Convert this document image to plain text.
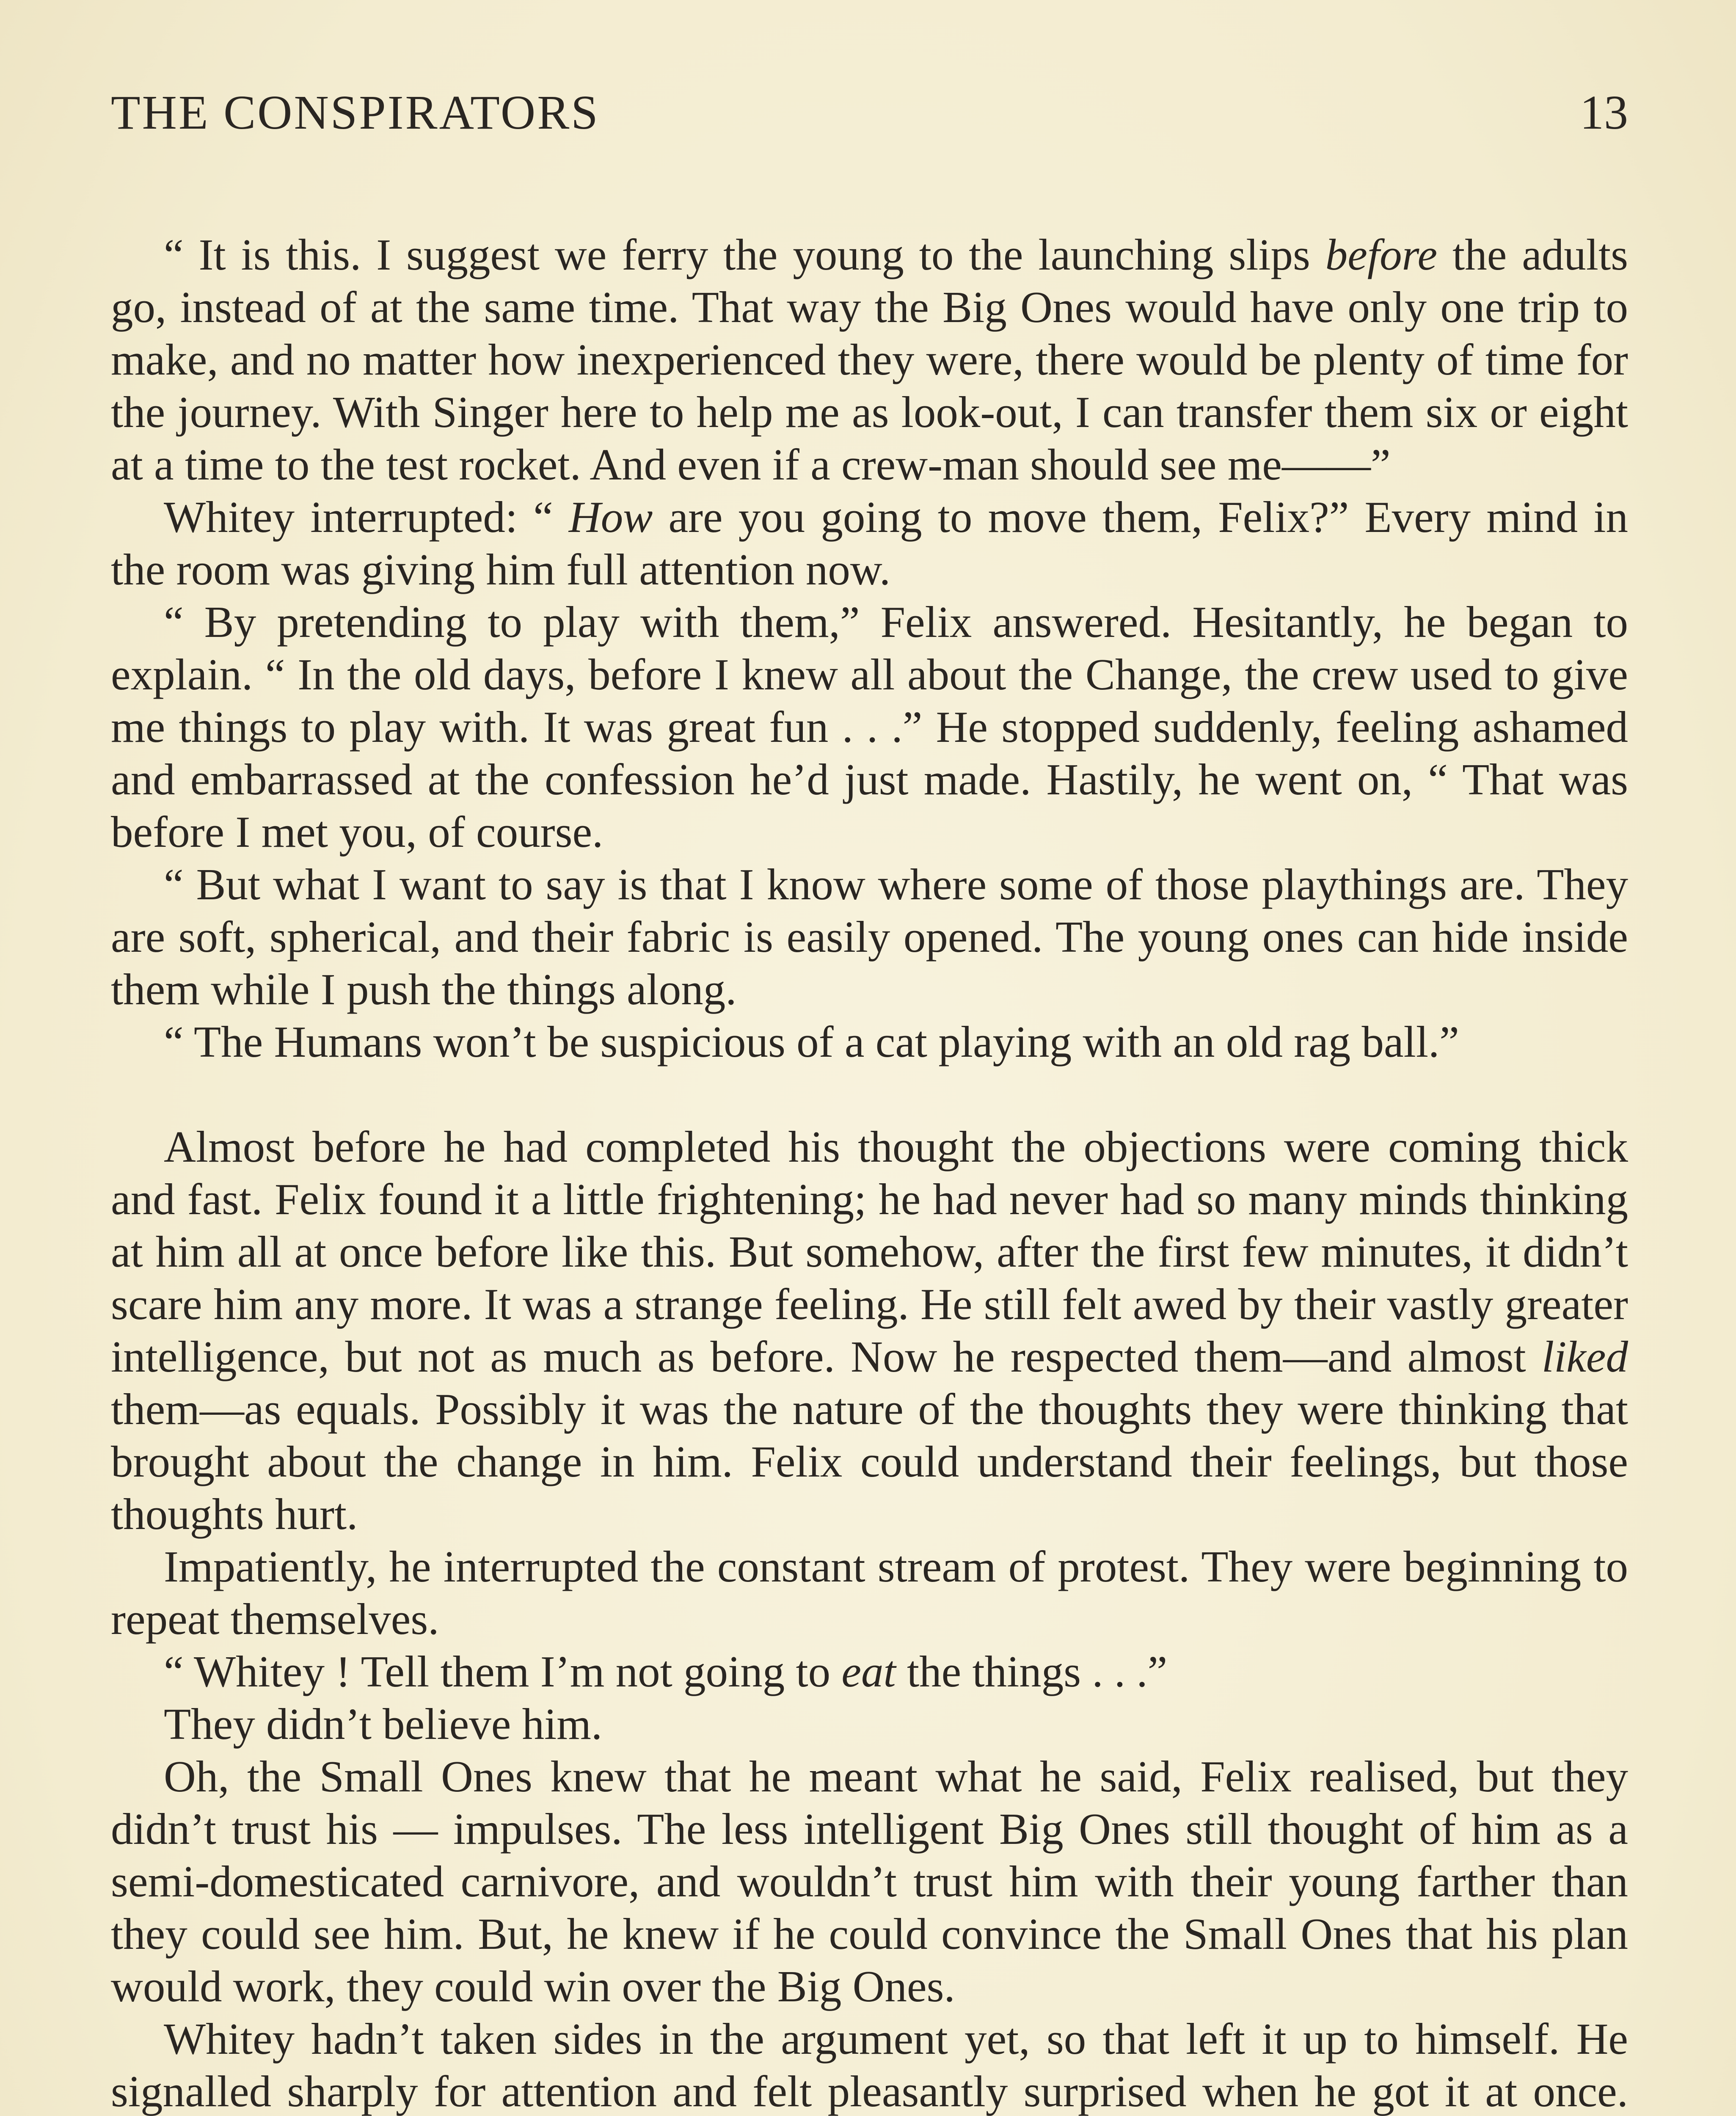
THE CONSPIRATORS	13

“ It is this. I suggest we ferry the young to the launching slips before the adults go, instead of at the same time. That way the Big Ones would have only one trip to make, and no matter how inexperienced they were, there would be plenty of time for the journey. With Singer here to help me as look-out, I can transfer them six or eight at a time to the test rocket. And even if a crew-man should see me——”

Whitey interrupted: “ How are you going to move them, Felix?” Every mind in the room was giving him full attention now.

“ By pretending to play with them,” Felix answered. Hesitantly, he began to explain. “ In the old days, before I knew all about the Change, the crew used to give me things to play with. It was great fun . . .” He stopped suddenly, feeling ashamed and embarrassed at the confession he’d just made. Hastily, he went on, “ That was before I met you, of course.

“ But what I want to say is that I know where some of those playthings are. They are soft, spherical, and their fabric is easily opened. The young ones can hide inside them while I push the things along.

“ The Humans won’t be suspicious of a cat playing with an old rag ball.”

Almost before he had completed his thought the objections were coming thick and fast. Felix found it a little frightening; he had never had so many minds thinking at him all at once before like this. But somehow, after the first few minutes, it didn’t scare him any more. It was a strange feeling. He still felt awed by their vastly greater intelligence, but not as much as before. Now he respected them—and almost liked them—as equals. Possibly it was the nature of the thoughts they were thinking that brought about the change in him. Felix could understand their feelings, but those thoughts hurt.

Impatiently, he interrupted the constant stream of protest. They were beginning to repeat themselves.

“ Whitey ! Tell them I’m not going to eat the things . . .”

They didn’t believe him.

Oh, the Small Ones knew that he meant what he said, Felix realised, but they didn’t trust his — impulses. The less intelligent Big Ones still thought of him as a semi-domesticated carnivore, and wouldn’t trust him with their young farther than they could see him. But, he knew if he could convince the Small Ones that his plan would work, they could win over the Big Ones.

Whitey hadn’t taken sides in the argument yet, so that left it up to himself. He signalled sharply for attention and felt pleasantly surprised when he got it at once.
